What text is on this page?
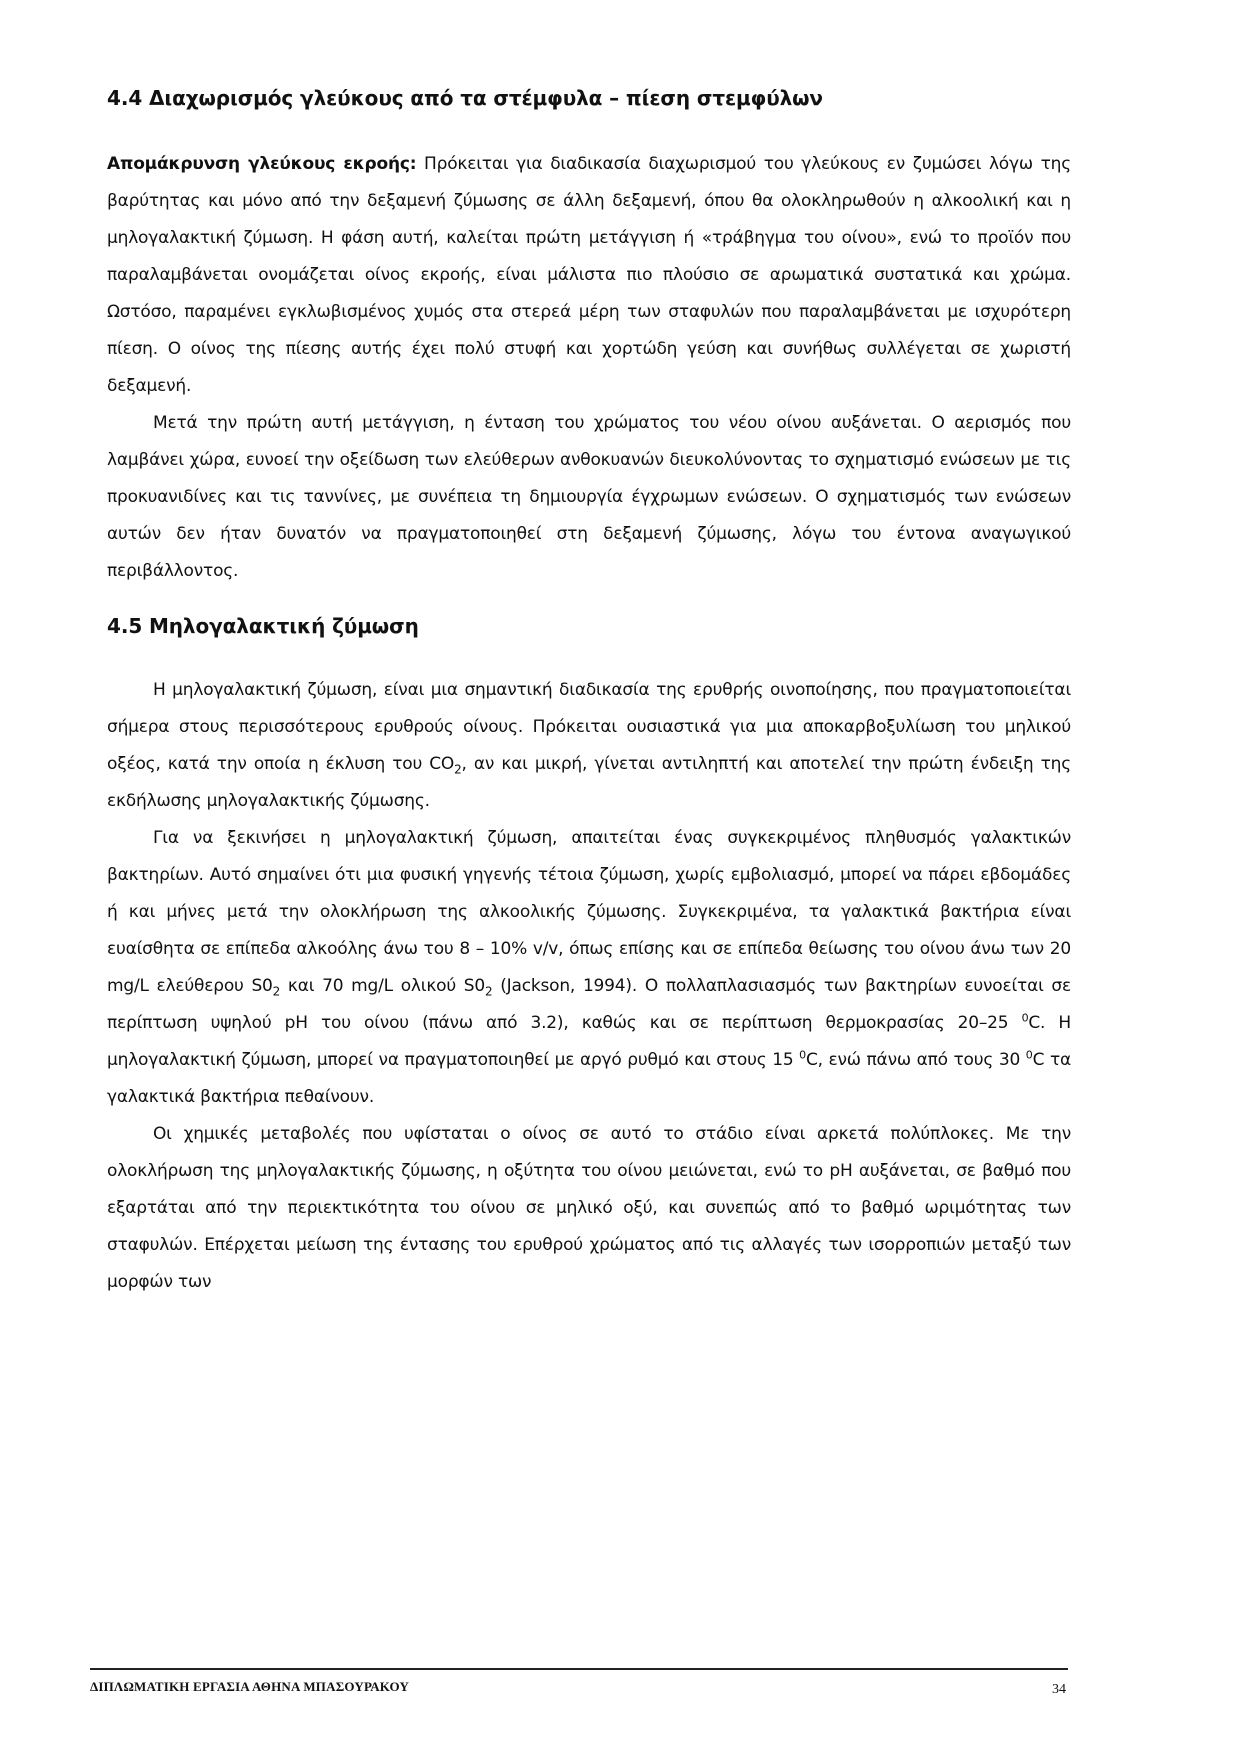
4.4 Διαχωρισμός γλεύκους από τα στέμφυλα – πίεση στεμφύλων

Απομάκρυνση γλεύκους εκροής: Πρόκειται για διαδικασία διαχωρισμού του γλεύκους εν ζυμώσει λόγω της βαρύτητας και μόνο από την δεξαμενή ζύμωσης σε άλλη δεξαμενή, όπου θα ολοκληρωθούν η αλκοολική και η μηλογαλακτική ζύμωση. Η φάση αυτή, καλείται πρώτη μετάγγιση ή «τράβηγμα του οίνου», ενώ το προϊόν που παραλαμβάνεται ονομάζεται οίνος εκροής, είναι μάλιστα πιο πλούσιο σε αρωματικά συστατικά και χρώμα. Ωστόσο, παραμένει εγκλωβισμένος χυμός στα στερεά μέρη των σταφυλών που παραλαμβάνεται με ισχυρότερη πίεση. Ο οίνος της πίεσης αυτής έχει πολύ στυφή και χορτώδη γεύση και συνήθως συλλέγεται σε χωριστή δεξαμενή.

Μετά την πρώτη αυτή μετάγγιση, η ένταση του χρώματος του νέου οίνου αυξάνεται. Ο αερισμός που λαμβάνει χώρα, ευνοεί την οξείδωση των ελεύθερων ανθοκυανών διευκολύνοντας το σχηματισμό ενώσεων με τις προκυανιδίνες και τις ταννίνες, με συνέπεια τη δημιουργία έγχρωμων ενώσεων. Ο σχηματισμός των ενώσεων αυτών δεν ήταν δυνατόν να πραγματοποιηθεί στη δεξαμενή ζύμωσης, λόγω του έντονα αναγωγικού περιβάλλοντος.

4.5 Μηλογαλακτική ζύμωση

Η μηλογαλακτική ζύμωση, είναι μια σημαντική διαδικασία της ερυθρής οινοποίησης, που πραγματοποιείται σήμερα στους περισσότερους ερυθρούς οίνους. Πρόκειται ουσιαστικά για μια αποκαρβοξυλίωση του μηλικού οξέος, κατά την οποία η έκλυση του $CO_2$, αν και μικρή, γίνεται αντιληπτή και αποτελεί την πρώτη ένδειξη της εκδήλωσης μηλογαλακτικής ζύμωσης.

Για να ξεκινήσει η μηλογαλακτική ζύμωση, απαιτείται ένας συγκεκριμένος πληθυσμός γαλακτικών βακτηρίων. Αυτό σημαίνει ότι μια φυσική γηγενής τέτοια ζύμωση, χωρίς εμβολιασμό, μπορεί να πάρει εβδομάδες ή και μήνες μετά την ολοκλήρωση της αλκοολικής ζύμωσης. Συγκεκριμένα, τα γαλακτικά βακτήρια είναι ευαίσθητα σε επίπεδα αλκοόλης άνω του 8 – 10% v/v, όπως επίσης και σε επίπεδα θείωσης του οίνου άνω των 20 mg/L ελεύθερου $S0_2$ και 70 mg/L ολικού $S0_2$ (Jackson, 1994). Ο πολλαπλασιασμός των βακτηρίων ευνοείται σε περίπτωση υψηλού pH του οίνου (πάνω από 3.2), καθώς και σε περίπτωση θερμοκρασίας 20–25 $^0$C. Η μηλογαλακτική ζύμωση, μπορεί να πραγματοποιηθεί με αργό ρυθμό και στους 15 $^0$C, ενώ πάνω από τους 30 $^0$C τα γαλακτικά βακτήρια πεθαίνουν.

Οι χημικές μεταβολές που υφίσταται ο οίνος σε αυτό το στάδιο είναι αρκετά πολύπλοκες. Με την ολοκλήρωση της μηλογαλακτικής ζύμωσης, η οξύτητα του οίνου μειώνεται, ενώ το pH αυξάνεται, σε βαθμό που εξαρτάται από την περιεκτικότητα του οίνου σε μηλικό οξύ, και συνεπώς από το βαθμό ωριμότητας των σταφυλών. Επέρχεται μείωση της έντασης του ερυθρού χρώματος από τις αλλαγές των ισορροπιών μεταξύ των μορφών των

ΔΙΠΛΩΜΑΤΙΚΗ ΕΡΓΑΣΙΑ ΑΘΗΝΑ ΜΠΑΣΟΥΡΑΚΟΥ	34
